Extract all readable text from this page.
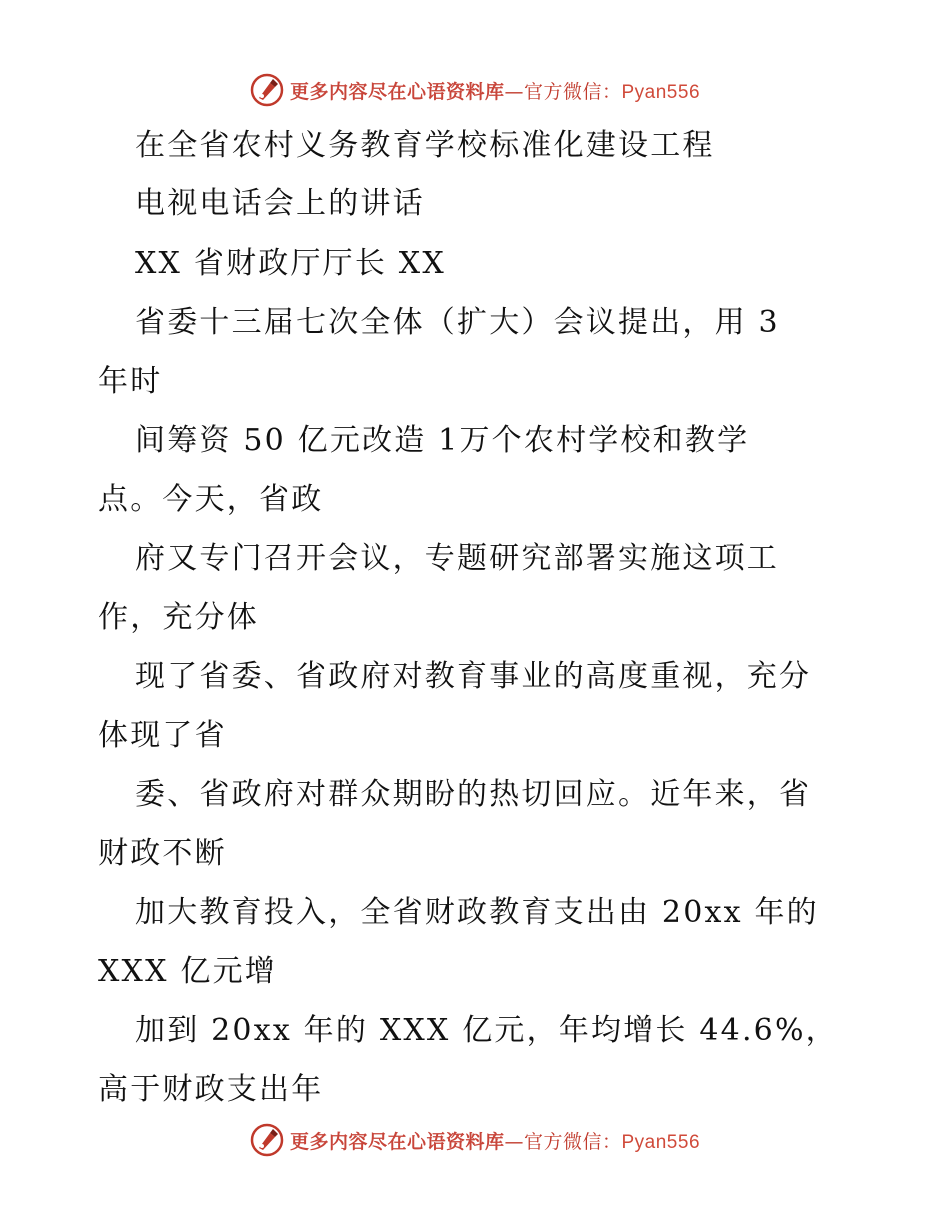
更多内容尽在心语资料库—官方微信：Pyan556
在全省农村义务教育学校标准化建设工程
电视电话会上的讲话
XX 省财政厅厅长 XX
省委十三届七次全体（扩大）会议提出，用 3
年时
间筹资 50 亿元改造 1万个农村学校和教学
点。今天，省政
府又专门召开会议，专题研究部署实施这项工
作，充分体
现了省委、省政府对教育事业的高度重视，充分
体现了省
委、省政府对群众期盼的热切回应。近年来，省
财政不断
加大教育投入，全省财政教育支出由 20xx 年的
XXX 亿元增
加到 20xx 年的 XXX 亿元，年均增长 44.6%，
高于财政支出年
更多内容尽在心语资料库—官方微信：Pyan556
